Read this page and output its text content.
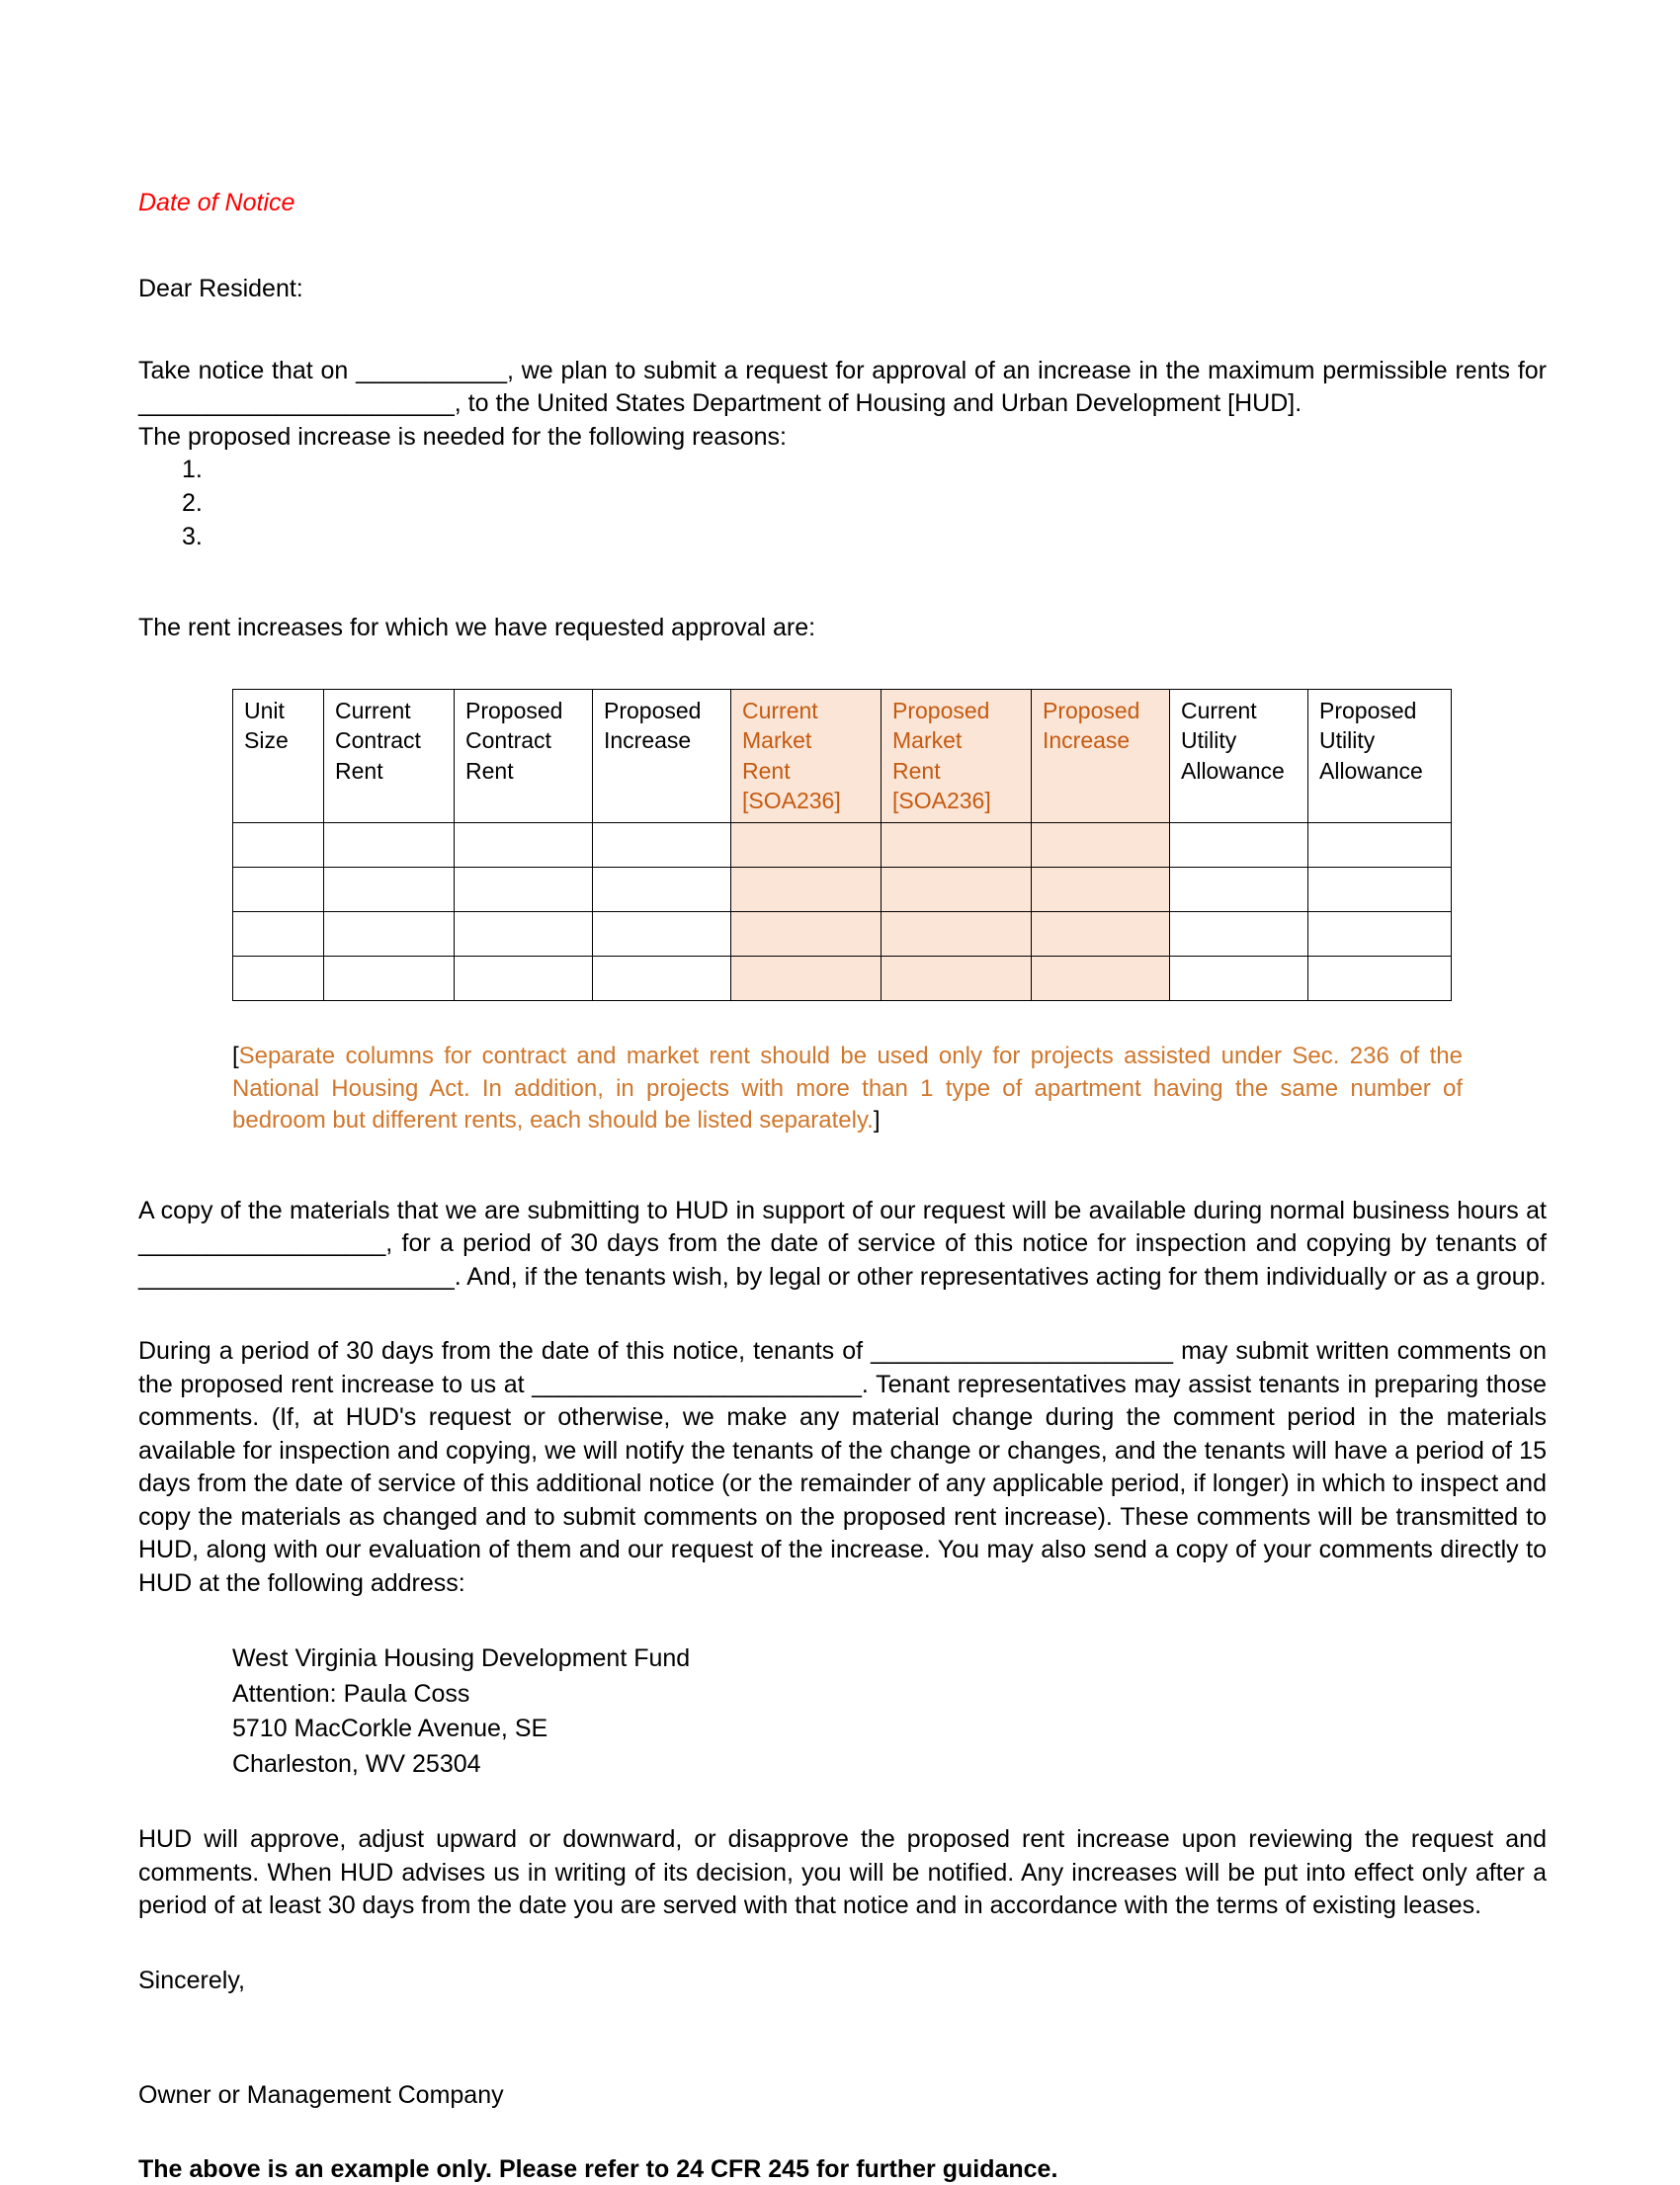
Date of Notice
Dear Resident:

Take notice that on ___________, we plan to submit a request for approval of an increase in the maximum permissible rents for _______________________, to the United States Department of Housing and Urban Development [HUD].

The proposed increase is needed for the following reasons:

1.
2.
3.

The rent increases for which we have requested approval are:

Unit
Size	Current
Contract
Rent	Proposed
Contract
Rent	Proposed
Increase	Current
Market
Rent
[SOA236]	Proposed
Market
Rent
[SOA236]	Proposed
Increase	Current
Utility
Allowance	Proposed
Utility
Allowance

[Separate columns for contract and market rent should be used only for projects assisted under Sec. 236 of the National Housing Act. In addition, in projects with more than 1 type of apartment having the same number of bedroom but different rents, each should be listed separately.]

A copy of the materials that we are submitting to HUD in support of our request will be available during normal business hours at __________________, for a period of 30 days from the date of service of this notice for inspection and copying by tenants of _______________________. And, if the tenants wish, by legal or other representatives acting for them individually or as a group.

During a period of 30 days from the date of this notice, tenants of ______________________ may submit written comments on the proposed rent increase to us at ________________________. Tenant representatives may assist tenants in preparing those comments. (If, at HUD's request or otherwise, we make any material change during the comment period in the materials available for inspection and copying, we will notify the tenants of the change or changes, and the tenants will have a period of 15 days from the date of service of this additional notice (or the remainder of any applicable period, if longer) in which to inspect and copy the materials as changed and to submit comments on the proposed rent increase). These comments will be transmitted to HUD, along with our evaluation of them and our request of the increase. You may also send a copy of your comments directly to HUD at the following address:

West Virginia Housing Development Fund
Attention: Paula Coss
5710 MacCorkle Avenue, SE
Charleston, WV 25304

HUD will approve, adjust upward or downward, or disapprove the proposed rent increase upon reviewing the request and comments. When HUD advises us in writing of its decision, you will be notified. Any increases will be put into effect only after a period of at least 30 days from the date you are served with that notice and in accordance with the terms of existing leases.

Sincerely,

Owner or Management Company

The above is an example only. Please refer to 24 CFR 245 for further guidance.
